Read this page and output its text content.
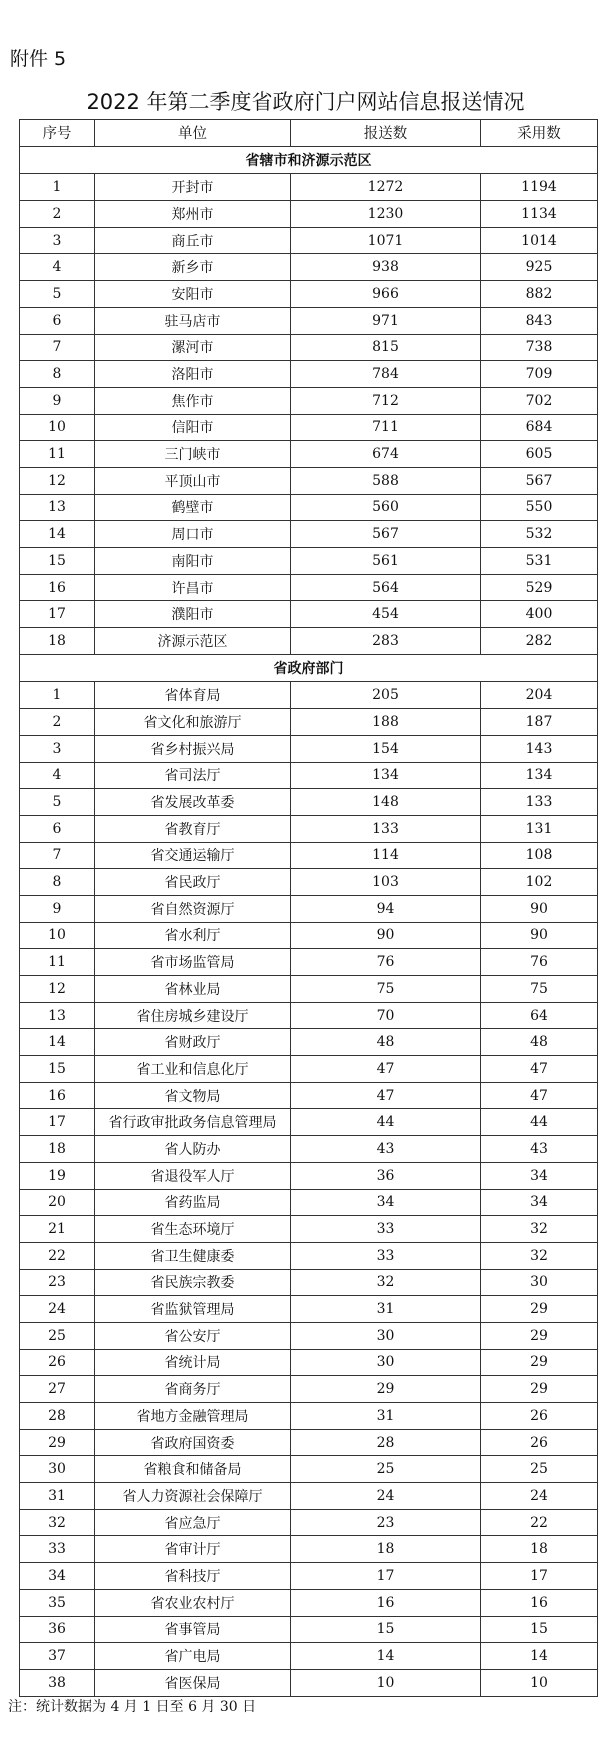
附件 5
2022 年第二季度省政府门户网站信息报送情况
序号	单位	报送数	采用数
省辖市和济源示范区			
1	开封市	1272	1194
2	郑州市	1230	1134
3	商丘市	1071	1014
4	新乡市	938	925
5	安阳市	966	882
6	驻马店市	971	843
7	漯河市	815	738
8	洛阳市	784	709
9	焦作市	712	702
10	信阳市	711	684
11	三门峡市	674	605
12	平顶山市	588	567
13	鹤壁市	560	550
14	周口市	567	532
15	南阳市	561	531
16	许昌市	564	529
17	濮阳市	454	400
18	济源示范区	283	282
省政府部门			
1	省体育局	205	204
2	省文化和旅游厅	188	187
3	省乡村振兴局	154	143
4	省司法厅	134	134
5	省发展改革委	148	133
6	省教育厅	133	131
7	省交通运输厅	114	108
8	省民政厅	103	102
9	省自然资源厅	94	90
10	省水利厅	90	90
11	省市场监管局	76	76
12	省林业局	75	75
13	省住房城乡建设厅	70	64
14	省财政厅	48	48
15	省工业和信息化厅	47	47
16	省文物局	47	47
17	省行政审批政务信息管理局	44	44
18	省人防办	43	43
19	省退役军人厅	36	34
20	省药监局	34	34
21	省生态环境厅	33	32
22	省卫生健康委	33	32
23	省民族宗教委	32	30
24	省监狱管理局	31	29
25	省公安厅	30	29
26	省统计局	30	29
27	省商务厅	29	29
28	省地方金融管理局	31	26
29	省政府国资委	28	26
30	省粮食和储备局	25	25
31	省人力资源社会保障厅	24	24
32	省应急厅	23	22
33	省审计厅	18	18
34	省科技厅	17	17
35	省农业农村厅	16	16
36	省事管局	15	15
37	省广电局	14	14
38	省医保局	10	10
注：统计数据为 4 月 1 日至 6 月 30 日
